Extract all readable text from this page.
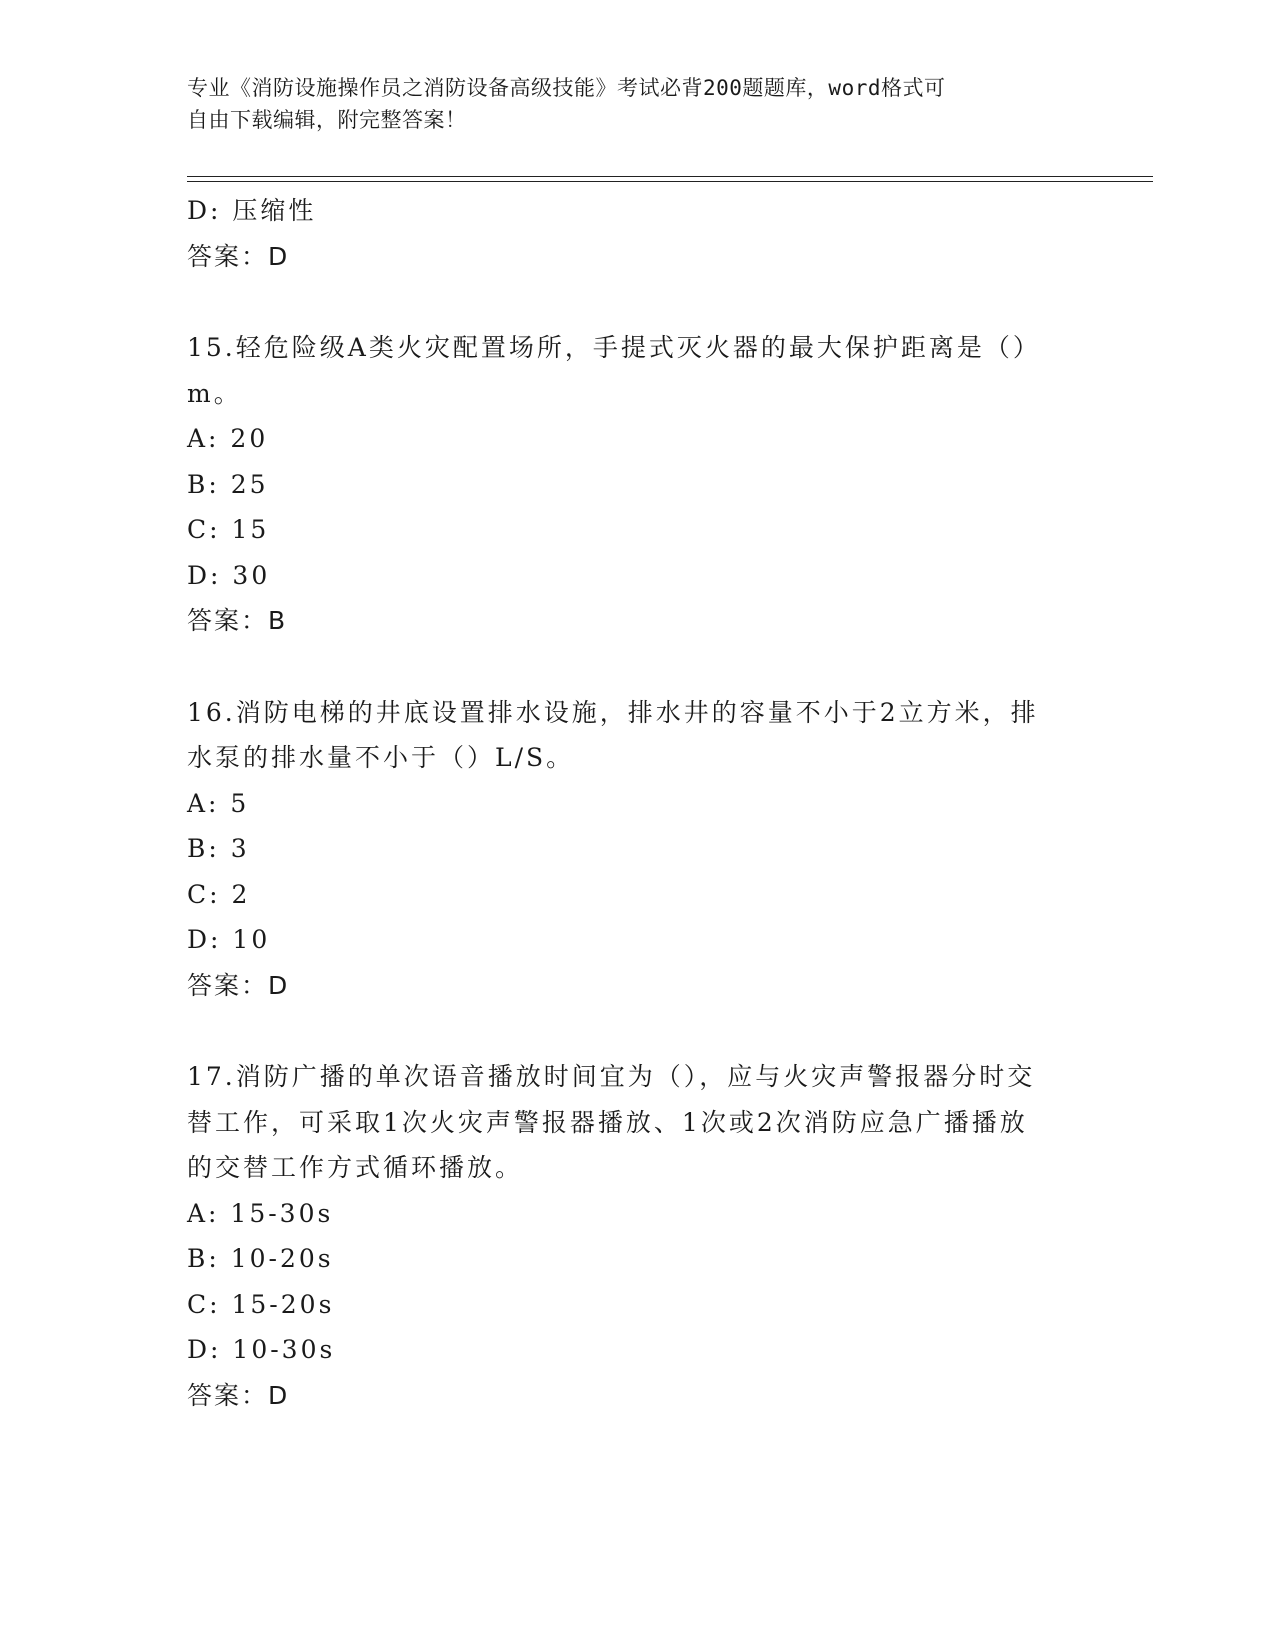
专业《消防设施操作员之消防设备高级技能》考试必背200题题库，word格式可
自由下载编辑，附完整答案！
D: 压缩性
答案：D
15.轻危险级A类火灾配置场所，手提式灭火器的最大保护距离是（）
m。
A: 20
B: 25
C: 15
D: 30
答案：B
16.消防电梯的井底设置排水设施，排水井的容量不小于2立方米，排
水泵的排水量不小于（）L/S。
A: 5
B: 3
C: 2
D: 10
答案：D
17.消防广播的单次语音播放时间宜为（），应与火灾声警报器分时交
替工作，可采取1次火灾声警报器播放、1次或2次消防应急广播播放
的交替工作方式循环播放。
A: 15-30s
B: 10-20s
C: 15-20s
D: 10-30s
答案：D
